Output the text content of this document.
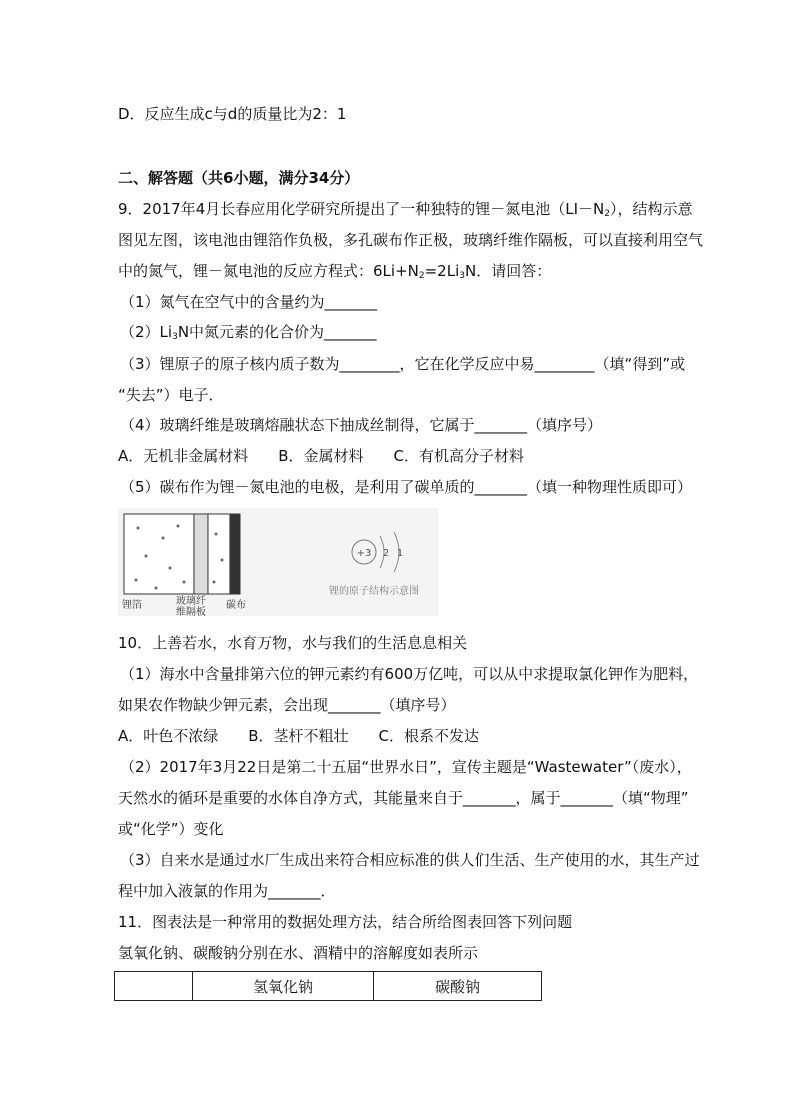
D．反应生成c与d的质量比为2：1
二、解答题（共6小题，满分34分）
9．2017年4月长春应用化学研究所提出了一种独特的锂－氮电池$(LI-N_2)$，结构示意
图见左图，该电池由锂箔作负极，多孔碳布作正极，玻璃纤维作隔板，可以直接利用空气
中的氮气，锂－氮电池的反应方程式：$6Li+N_2=2Li_3N$．请回答：
（1）氮气在空气中的含量约为_______
$(2)Li_3N$中氮元素的化合价为_______
（3）锂原子的原子核内质子数为________，它在化学反应中易________（填“得到”或
“失去”）电子．
（4）玻璃纤维是玻璃熔融状态下抽成丝制得，它属于_______（填序号）
A．无机非金属材料　　B．金属材料　　C．有机高分子材料
（5）碳布作为锂－氮电池的电极，是利用了碳单质的_______（填一种物理性质即可）
锂箔	玻璃纤
维隔板
碳布
+3 2 1
锂的原子结构示意图
10．上善若水，水育万物，水与我们的生活息息相关
（1）海水中含量排第六位的钾元素约有600万亿吨，可以从中求提取氯化钾作为肥料，
如果农作物缺少钾元素，会出现_______（填序号）
A．叶色不浓绿　　B．茎杆不粗壮　　C．根系不发达
（2）2017年3月22日是第二十五届“世界水日”，宣传主题是“Wastewater”（废水），
天然水的循环是重要的水体自净方式，其能量来自于_______，属于_______（填“物理”
或“化学”）变化
（3）自来水是通过水厂生成出来符合相应标准的供人们生活、生产使用的水，其生产过
程中加入液氯的作用为_______．
11．图表法是一种常用的数据处理方法，结合所给图表回答下列问题
氢氧化钠、碳酸钠分别在水、酒精中的溶解度如表所示
	氢氧化钠	碳酸钠
